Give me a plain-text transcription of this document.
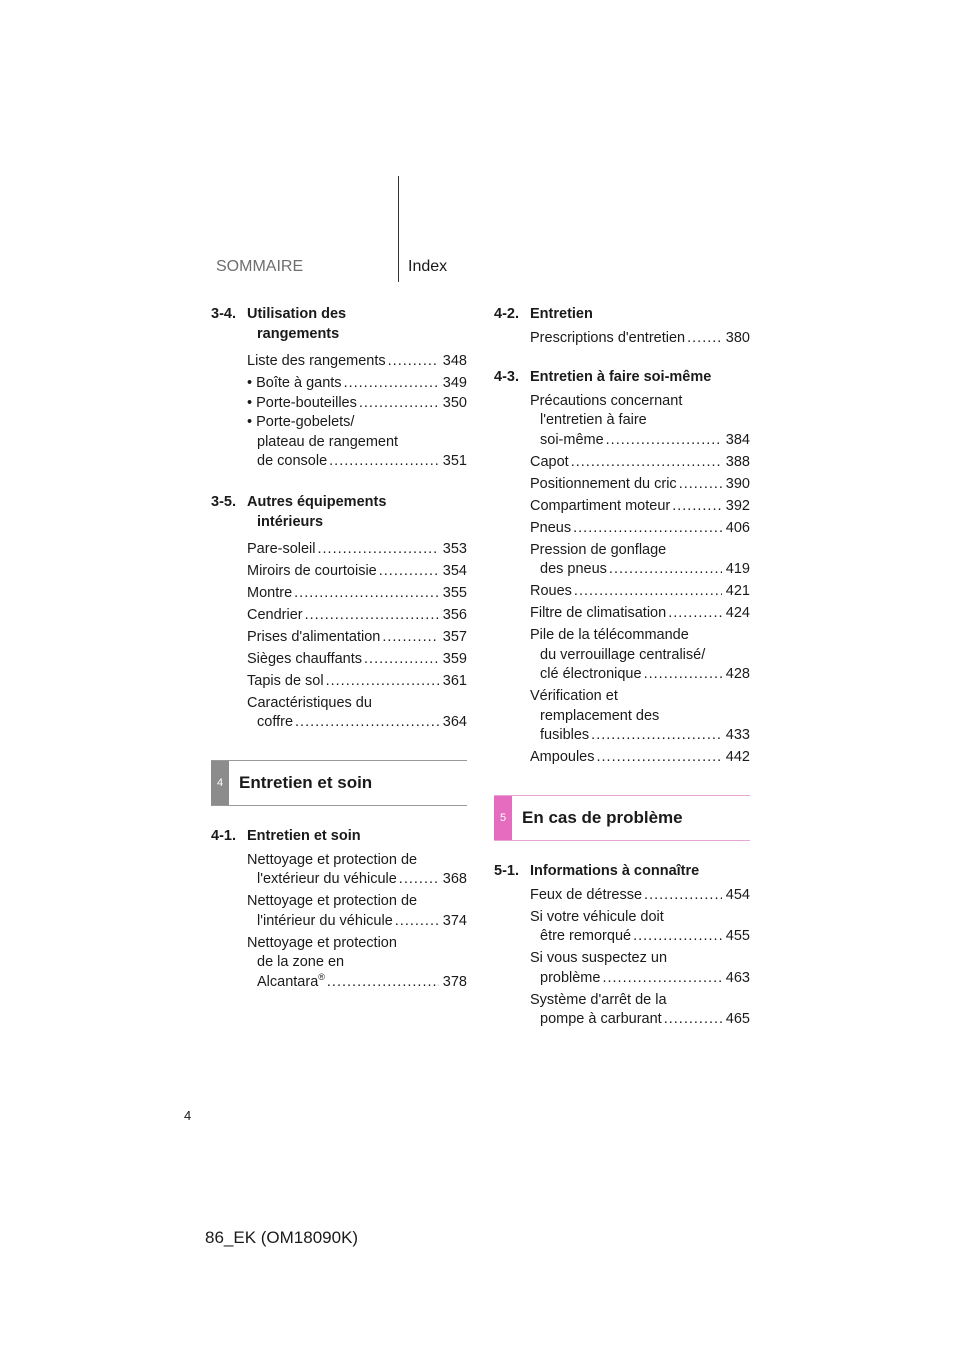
SOMMAIRE	Index
3-4. Utilisation des
rangements
Liste des rangements .....	348
• Boîte à gants .....	349
• Porte-bouteilles .....	350
• Porte-gobelets/
plateau de rangement
de console .....	351
3-5. Autres équipements
intérieurs
Pare-soleil .....	353
Miroirs de courtoisie .....	354
Montre .....	355
Cendrier .....	356
Prises d'alimentation .....	357
Sièges chauffants .....	359
Tapis de sol .....	361
Caractéristiques du
coffre .....	364
4 Entretien et soin
4-1. Entretien et soin
Nettoyage et protection de
l'extérieur du véhicule .....	368
Nettoyage et protection de
l'intérieur du véhicule .....	374
Nettoyage et protection
de la zone en
Alcantara® .....	378
4-2. Entretien
Prescriptions d'entretien .....	380
4-3. Entretien à faire soi-même
Précautions concernant
l'entretien à faire
soi-même .....	384
Capot .....	388
Positionnement du cric .....	390
Compartiment moteur .....	392
Pneus .....	406
Pression de gonflage
des pneus .....	419
Roues .....	421
Filtre de climatisation .....	424
Pile de la télécommande
du verrouillage centralisé/
clé électronique .....	428
Vérification et
remplacement des
fusibles .....	433
Ampoules .....	442
5 En cas de problème
5-1. Informations à connaître
Feux de détresse .....	454
Si votre véhicule doit
être remorqué .....	455
Si vous suspectez un
problème .....	463
Système d'arrêt de la
pompe à carburant .....	465
4
86_EK (OM18090K)
